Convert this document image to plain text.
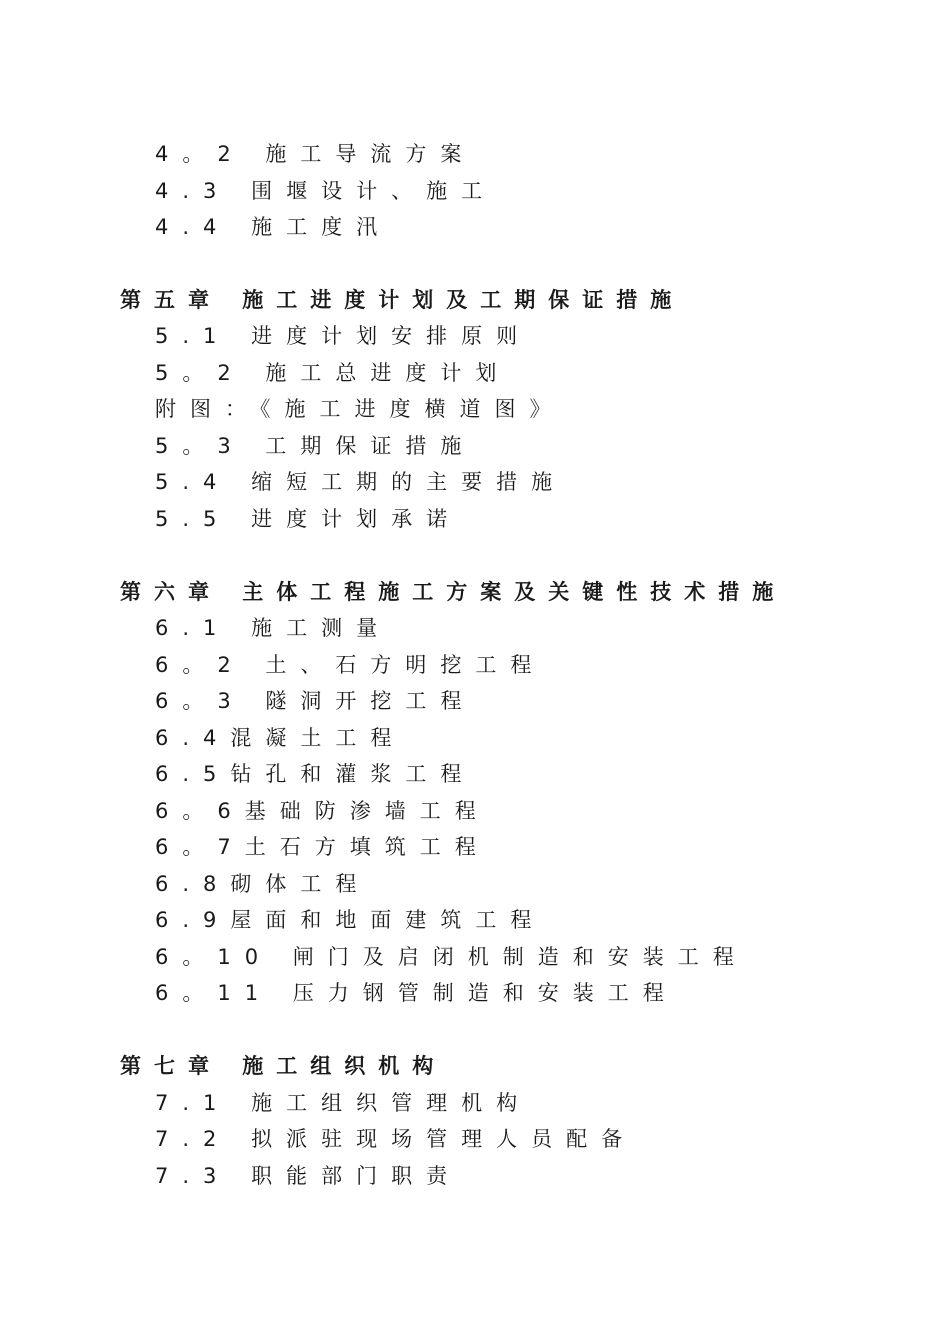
4。2 施工导流方案
4.3 围堰设计、施工
4.4 施工度汛
第五章 施工进度计划及工期保证措施
5.1 进度计划安排原则
5。2 施工总进度计划
附图：《施工进度横道图》
5。3 工期保证措施
5.4 缩短工期的主要措施
5.5 进度计划承诺
第六章 主体工程施工方案及关键性技术措施
6.1 施工测量
6。2 土、石方明挖工程
6。3 隧洞开挖工程
6.4混凝土工程
6.5钻孔和灌浆工程
6。6基础防渗墙工程
6。7土石方填筑工程
6.8砌体工程
6.9屋面和地面建筑工程
6。10 闸门及启闭机制造和安装工程
6。11 压力钢管制造和安装工程
第七章 施工组织机构
7.1 施工组织管理机构
7.2 拟派驻现场管理人员配备
7.3 职能部门职责
